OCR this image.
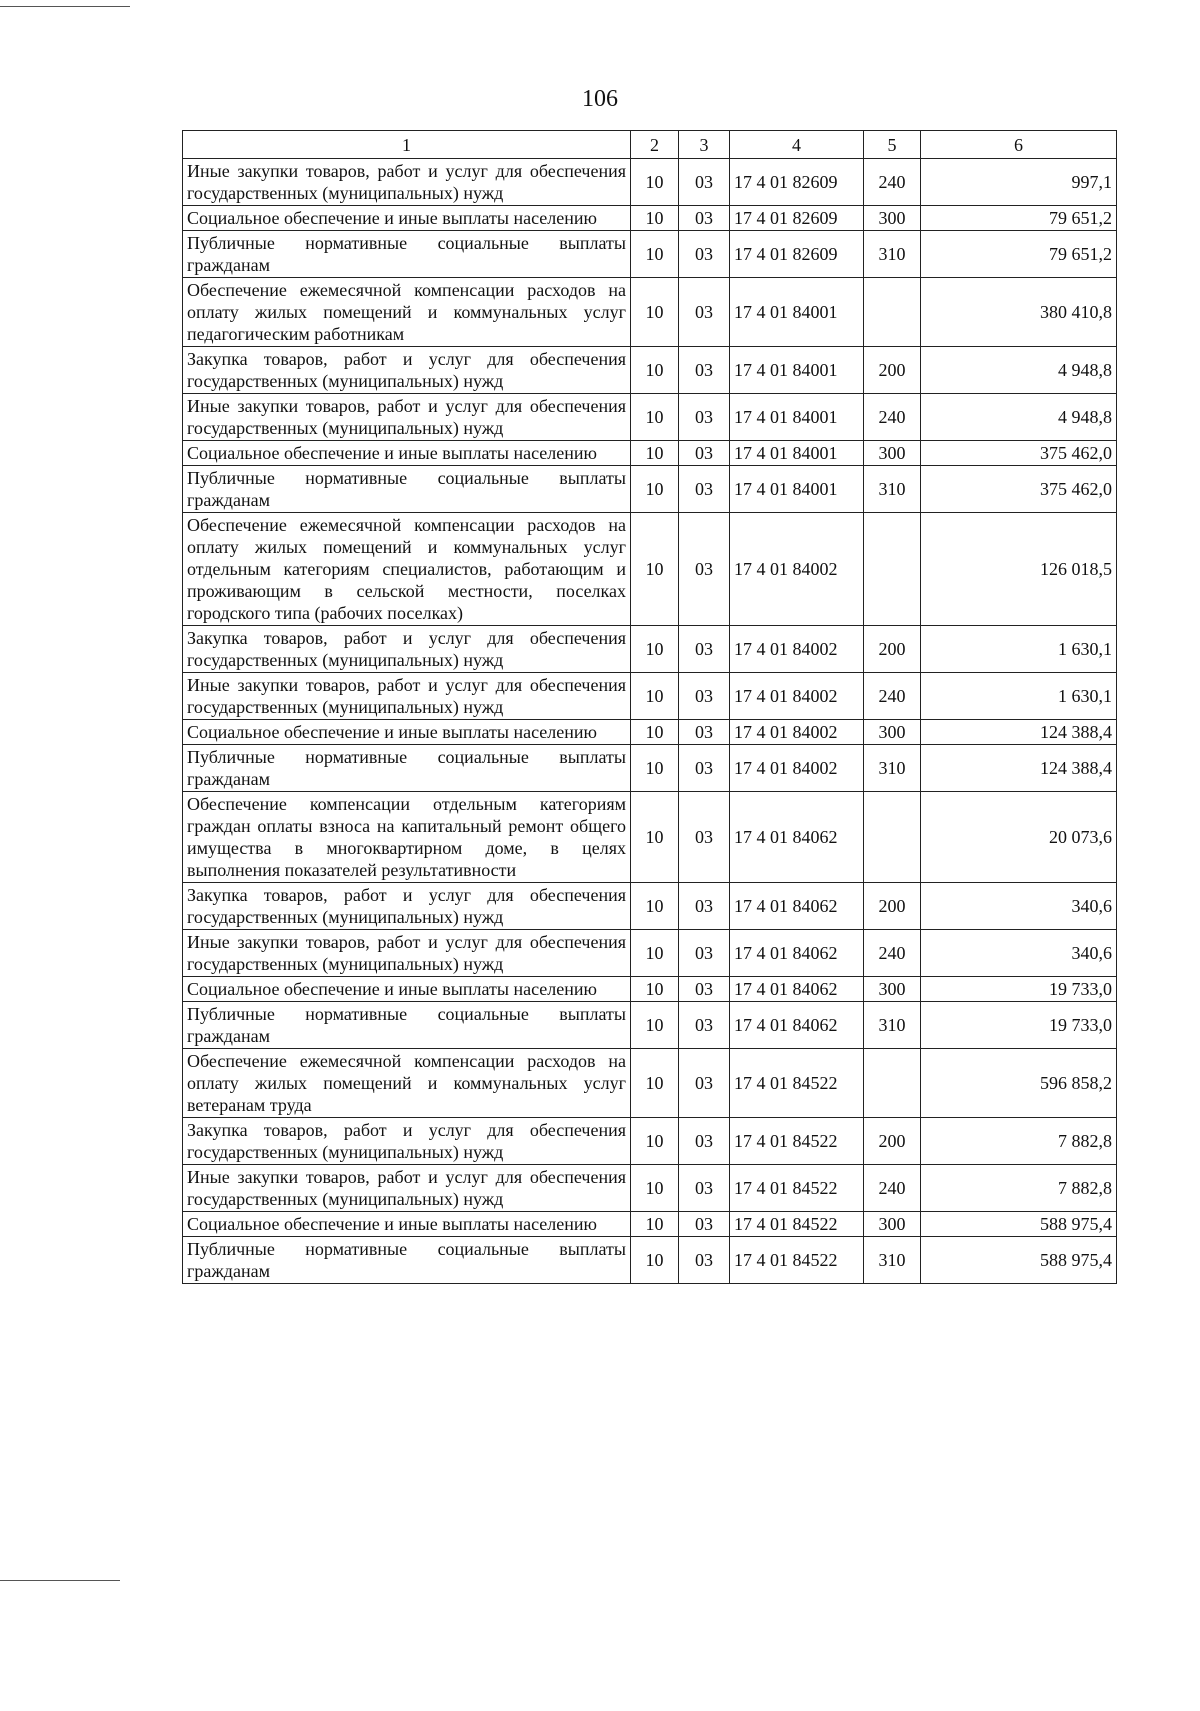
106
1	2	3	4	5	6
Иные закупки товаров, работ и услуг для обеспечения государственных (муниципальных) нужд	10	03	17 4 01 82609	240	997,1
Социальное обеспечение и иные выплаты населению	10	03	17 4 01 82609	300	79 651,2
Публичные нормативные социальные выплаты гражданам	10	03	17 4 01 82609	310	79 651,2
Обеспечение ежемесячной компенсации расходов на оплату жилых помещений и коммунальных услуг педагогическим работникам	10	03	17 4 01 84001		380 410,8
Закупка товаров, работ и услуг для обеспечения государственных (муниципальных) нужд	10	03	17 4 01 84001	200	4 948,8
Иные закупки товаров, работ и услуг для обеспечения государственных (муниципальных) нужд	10	03	17 4 01 84001	240	4 948,8
Социальное обеспечение и иные выплаты населению	10	03	17 4 01 84001	300	375 462,0
Публичные нормативные социальные выплаты гражданам	10	03	17 4 01 84001	310	375 462,0
Обеспечение ежемесячной компенсации расходов на оплату жилых помещений и коммунальных услуг отдельным категориям специалистов, работающим и проживающим в сельской местности, поселках городского типа (рабочих поселках)	10	03	17 4 01 84002		126 018,5
Закупка товаров, работ и услуг для обеспечения государственных (муниципальных) нужд	10	03	17 4 01 84002	200	1 630,1
Иные закупки товаров, работ и услуг для обеспечения государственных (муниципальных) нужд	10	03	17 4 01 84002	240	1 630,1
Социальное обеспечение и иные выплаты населению	10	03	17 4 01 84002	300	124 388,4
Публичные нормативные социальные выплаты гражданам	10	03	17 4 01 84002	310	124 388,4
Обеспечение компенсации отдельным категориям граждан оплаты взноса на капитальный ремонт общего имущества в многоквартирном доме, в целях выполнения показателей результативности	10	03	17 4 01 84062		20 073,6
Закупка товаров, работ и услуг для обеспечения государственных (муниципальных) нужд	10	03	17 4 01 84062	200	340,6
Иные закупки товаров, работ и услуг для обеспечения государственных (муниципальных) нужд	10	03	17 4 01 84062	240	340,6
Социальное обеспечение и иные выплаты населению	10	03	17 4 01 84062	300	19 733,0
Публичные нормативные социальные выплаты гражданам	10	03	17 4 01 84062	310	19 733,0
Обеспечение ежемесячной компенсации расходов на оплату жилых помещений и коммунальных услуг ветеранам труда	10	03	17 4 01 84522		596 858,2
Закупка товаров, работ и услуг для обеспечения государственных (муниципальных) нужд	10	03	17 4 01 84522	200	7 882,8
Иные закупки товаров, работ и услуг для обеспечения государственных (муниципальных) нужд	10	03	17 4 01 84522	240	7 882,8
Социальное обеспечение и иные выплаты населению	10	03	17 4 01 84522	300	588 975,4
Публичные нормативные социальные выплаты гражданам	10	03	17 4 01 84522	310	588 975,4
